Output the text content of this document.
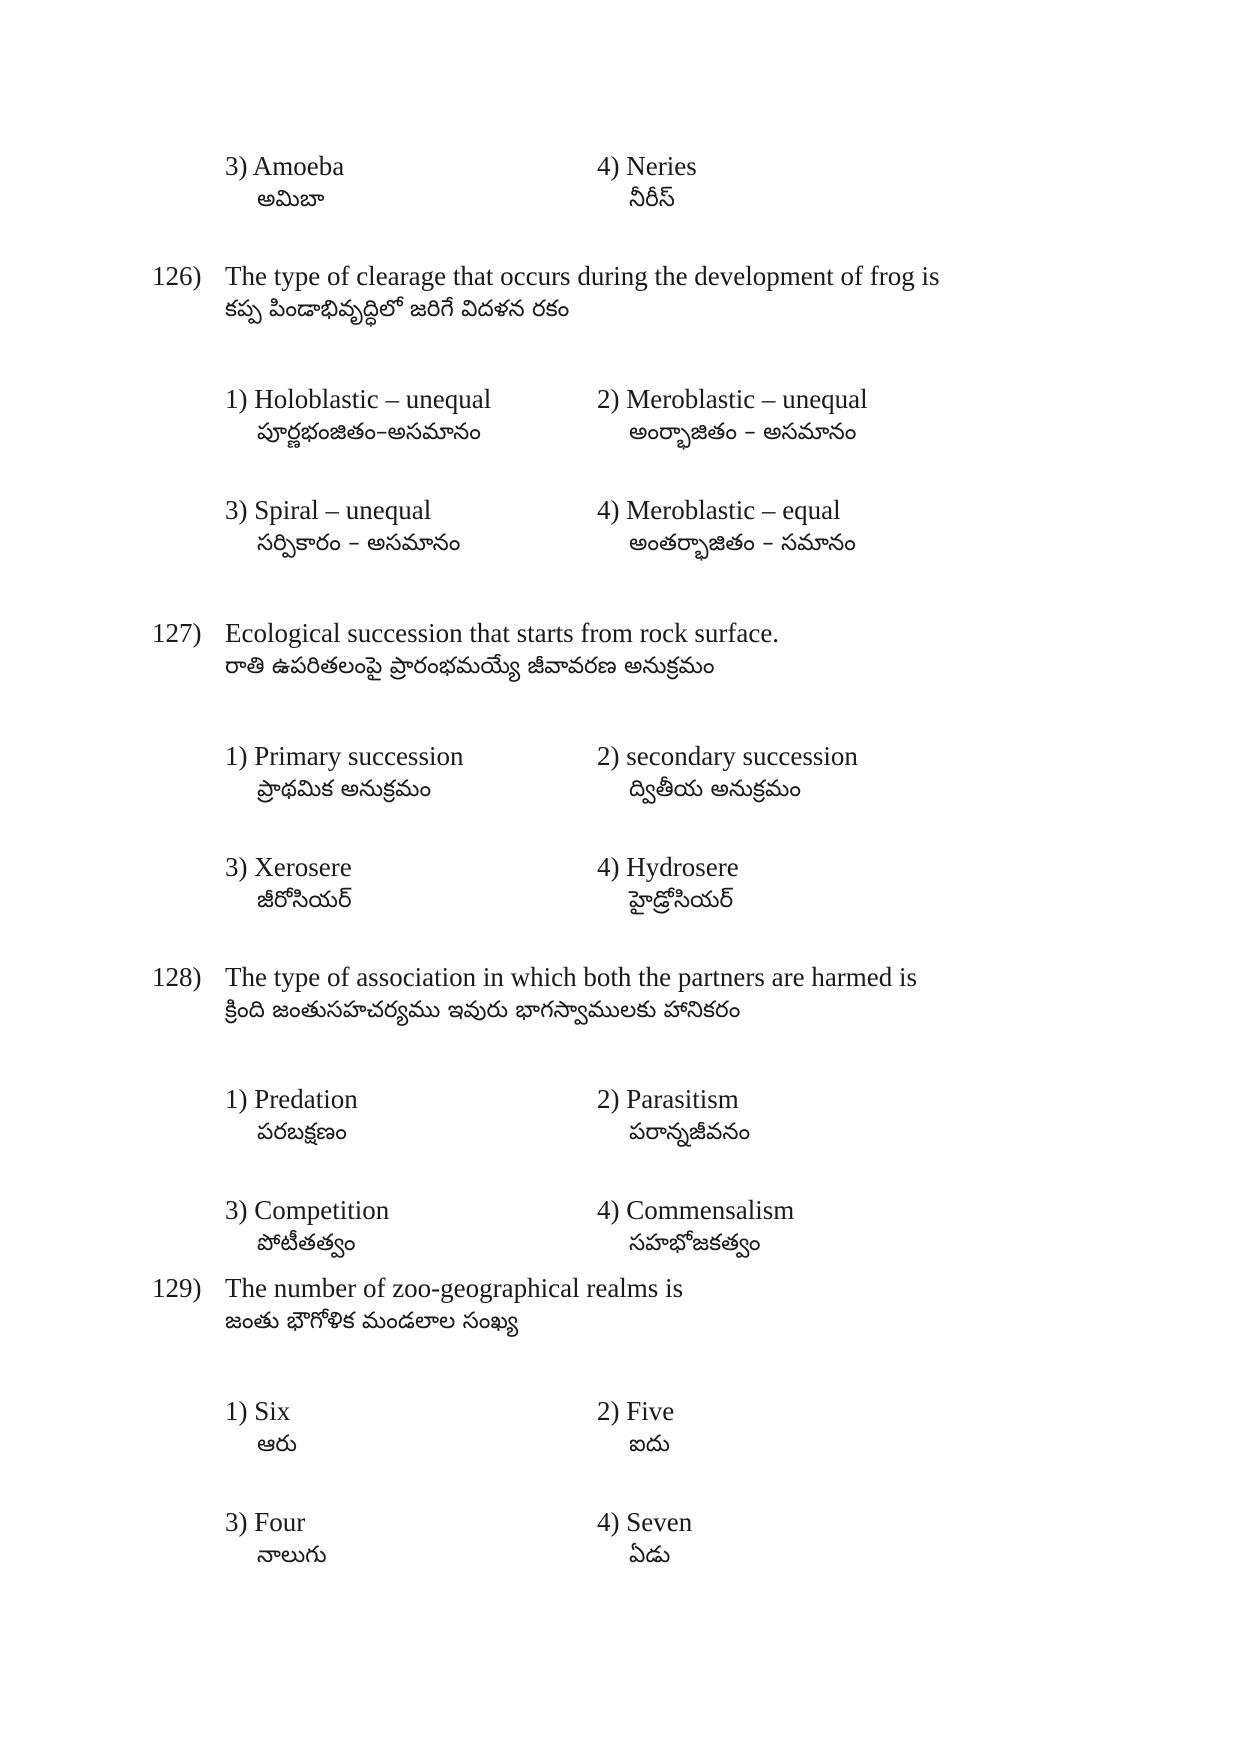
3) Amoeba
అమిబా
4) Neries
నీరీస్
126) The type of clearage that occurs during the development of frog is
కప్ప పిండాభివృద్ధిలో జరిగే విదళన రకం
1) Holoblastic – unequal
పూర్ణభంజితం–అసమానం
2) Meroblastic – unequal
అంర్భాజితం – అసమానం
3) Spiral – unequal
సర్పికారం – అసమానం
4) Meroblastic – equal
అంతర్భాజితం – సమానం
127) Ecological succession that starts from rock surface.
రాతి ఉపరితలంపై ప్రారంభమయ్యే జీవావరణ అనుక్రమం
1) Primary succession
ప్రాథమిక అనుక్రమం
2) secondary succession
ద్వితీయ అనుక్రమం
3) Xerosere
జీరోసియర్
4) Hydrosere
హైడ్రోసియర్
128) The type of association in which both the partners are harmed is
క్రింది జంతుసహచర్యము ఇవురు భాగస్వాములకు హానికరం
1) Predation
పరబక్షణం
2) Parasitism
పరాన్నజీవనం
3) Competition
పోటీతత్వం
4) Commensalism
సహభోజకత్వం
129) The number of zoo-geographical realms is
జంతు భౌగోళిక మండలాల సంఖ్య
1) Six
ఆరు
2) Five
ఐదు
3) Four
నాలుగు
4) Seven
ఏడు
